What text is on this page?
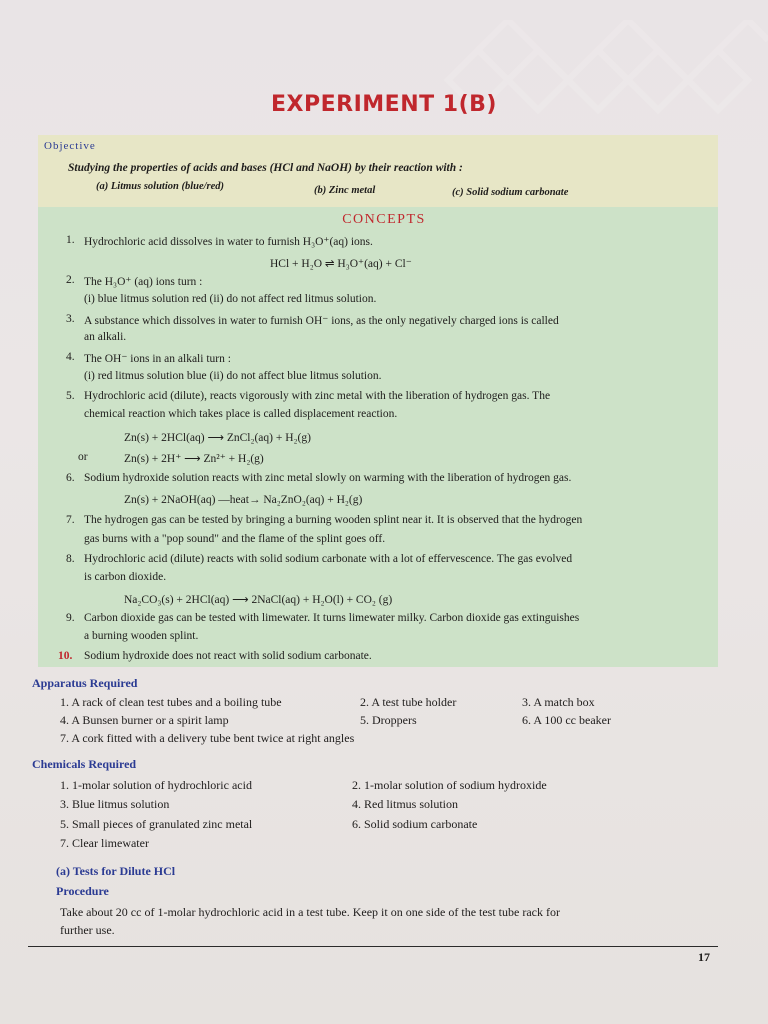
EXPERIMENT 1(B)
Objective
Studying the properties of acids and bases (HCl and NaOH) by their reaction with :
(a) Litmus solution (blue/red)	(b) Zinc metal	(c) Solid sodium carbonate
CONCEPTS
1. Hydrochloric acid dissolves in water to furnish H₃O⁺(aq) ions.
HCl + H₂O ⇌ H₃O⁺(aq) + Cl⁻
2. The H₃O⁺ (aq) ions turn :
(i) blue litmus solution red (ii) do not affect red litmus solution.
3. A substance which dissolves in water to furnish OH⁻ ions, as the only negatively charged ions is called
an alkali.
4. The OH⁻ ions in an alkali turn :
(i) red litmus solution blue (ii) do not affect blue litmus solution.
5. Hydrochloric acid (dilute), reacts vigorously with zinc metal with the liberation of hydrogen gas. The
chemical reaction which takes place is called displacement reaction.
Zn(s) + 2HCl(aq) ⟶ ZnCl₂(aq) + H₂(g)
or	Zn(s) + 2H⁺ ⟶ Zn²⁺ + H₂(g)
6. Sodium hydroxide solution reacts with zinc metal slowly on warming with the liberation of hydrogen gas.
Zn(s) + 2NaOH(aq) —heat→ Na₂ZnO₂(aq) + H₂(g)
7. The hydrogen gas can be tested by bringing a burning wooden splint near it. It is observed that the hydrogen
gas burns with a "pop sound" and the flame of the splint goes off.
8. Hydrochloric acid (dilute) reacts with solid sodium carbonate with a lot of effervescence. The gas evolved
is carbon dioxide.
Na₂CO₃(s) + 2HCl(aq) ⟶ 2NaCl(aq) + H₂O(l) + CO₂ (g)
9. Carbon dioxide gas can be tested with limewater. It turns limewater milky. Carbon dioxide gas extinguishes
a burning wooden splint.
10. Sodium hydroxide does not react with solid sodium carbonate.
Apparatus Required
1. A rack of clean test tubes and a boiling tube	2. A test tube holder	3. A match box
4. A Bunsen burner or a spirit lamp	5. Droppers	6. A 100 cc beaker
7. A cork fitted with a delivery tube bent twice at right angles
Chemicals Required
1. 1-molar solution of hydrochloric acid	2. 1-molar solution of sodium hydroxide
3. Blue litmus solution	4. Red litmus solution
5. Small pieces of granulated zinc metal	6. Solid sodium carbonate
7. Clear limewater
(a) Tests for Dilute HCl
Procedure
Take about 20 cc of 1-molar hydrochloric acid in a test tube. Keep it on one side of the test tube rack for
further use.
17
